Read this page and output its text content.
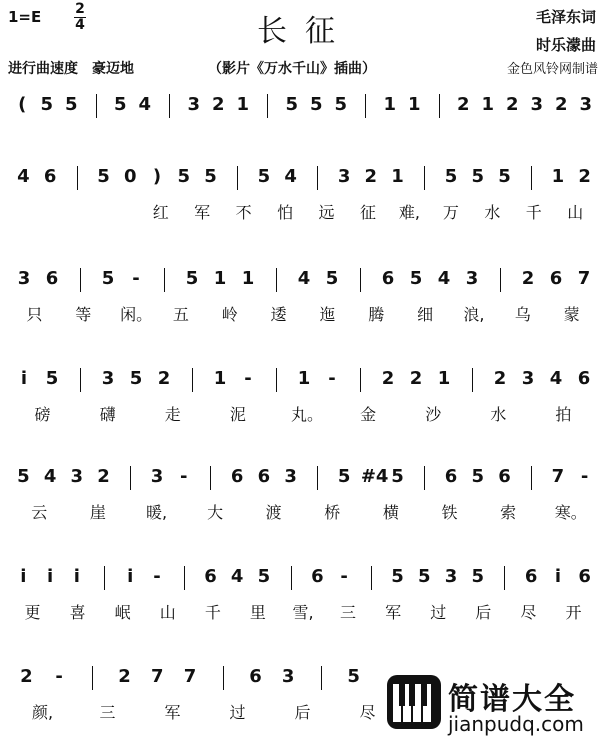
1=E 2
4	长征	毛泽东词
时乐濛曲
进行曲速度　豪迈地	（影片《万水千山》插曲）	金色风铃网制谱
( 5 5 5 4 3 2 1 5 5 5 1 1 2 1 2 3 2 3
4 6 5 0 ) 5 5 5 4 3 2 1 5 5 5 1 2
红 军 不 怕 远 征 难, 万 水 千 山
3 6 5 -	5 1 1 4 5 6 5 4 3 2 6 7
只 等 闲。 五 岭 逶 迤 腾 细 浪, 乌 蒙
i	5 3 5 2 1 -	1 -	2 2 1 2 3 4 6
磅	礴	走	泥	丸。 金	沙	水	拍
5 4 3 2 3 -	6 6 3 5 #4 5 6 5 6 7 -
云	崖	暖,	大	渡	桥	横	铁	索 寒。
i	i	i	i	-	6 4 5 6 -	5 5 3 5 6 i 6
更 喜 岷 山 千 里 雪, 三 军 过 后 尽 开
2	-	2 7 7	6 3	5
颜,	三	军	过	后	尽 简谱大全
jianpudq.com
